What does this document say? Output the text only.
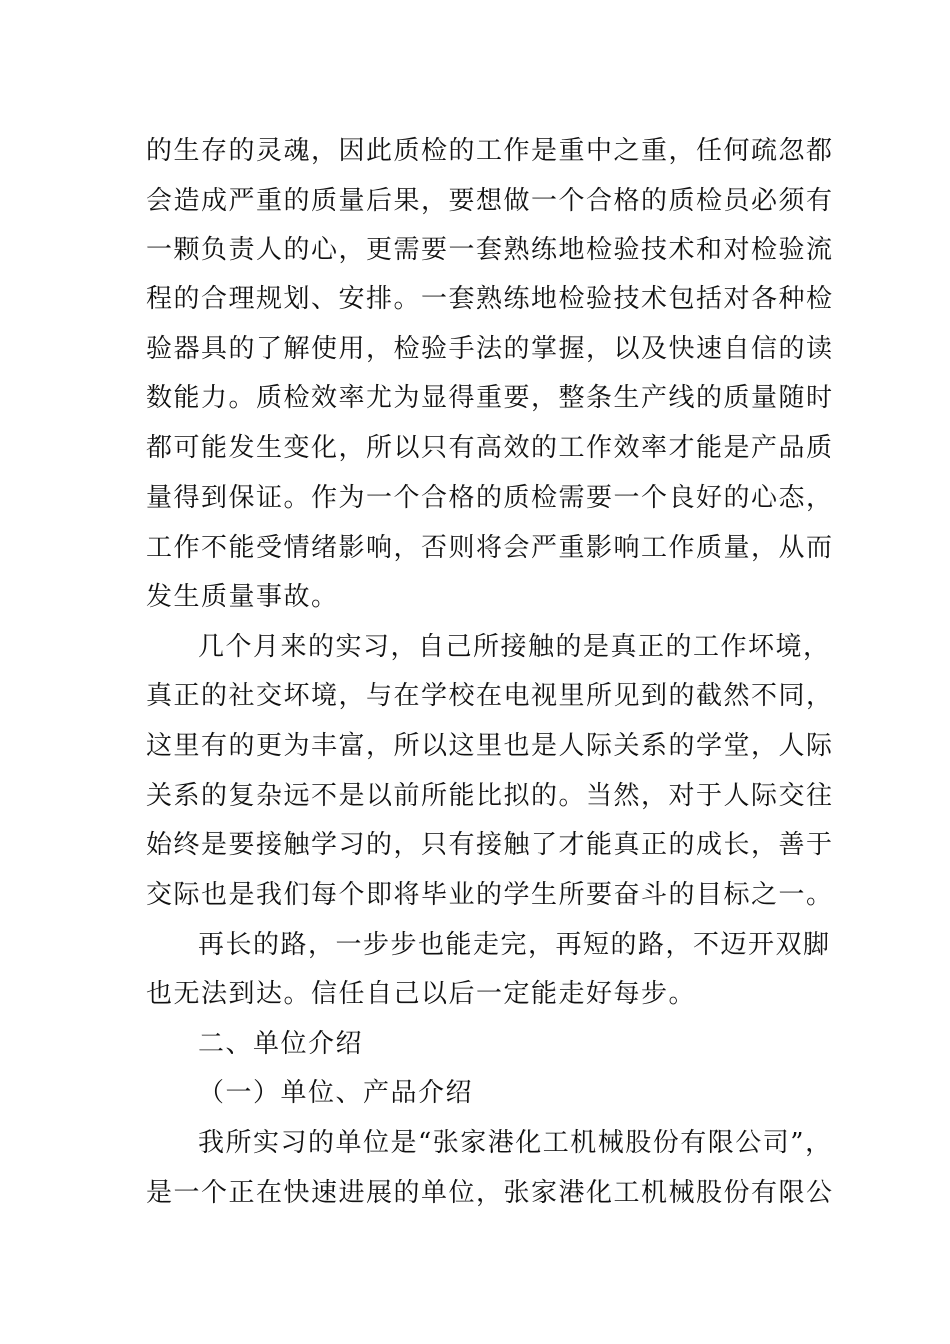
的生存的灵魂，因此质检的工作是重中之重，任何疏忽都
会造成严重的质量后果，要想做一个合格的质检员必须有
一颗负责人的心，更需要一套熟练地检验技术和对检验流
程的合理规划、安排。一套熟练地检验技术包括对各种检
验器具的了解使用，检验手法的掌握，以及快速自信的读
数能力。质检效率尤为显得重要，整条生产线的质量随时
都可能发生变化，所以只有高效的工作效率才能是产品质
量得到保证。作为一个合格的质检需要一个良好的心态，
工作不能受情绪影响，否则将会严重影响工作质量，从而
发生质量事故。
几个月来的实习，自己所接触的是真正的工作坏境，
真正的社交坏境，与在学校在电视里所见到的截然不同，
这里有的更为丰富，所以这里也是人际关系的学堂，人际
关系的复杂远不是以前所能比拟的。当然，对于人际交往
始终是要接触学习的，只有接触了才能真正的成长，善于
交际也是我们每个即将毕业的学生所要奋斗的目标之一。
再长的路，一步步也能走完，再短的路，不迈开双脚
也无法到达。信任自己以后一定能走好每步。
二、单位介绍
（一）单位、产品介绍
我所实习的单位是“张家港化工机械股份有限公司”，
是一个正在快速进展的单位，张家港化工机械股份有限公
